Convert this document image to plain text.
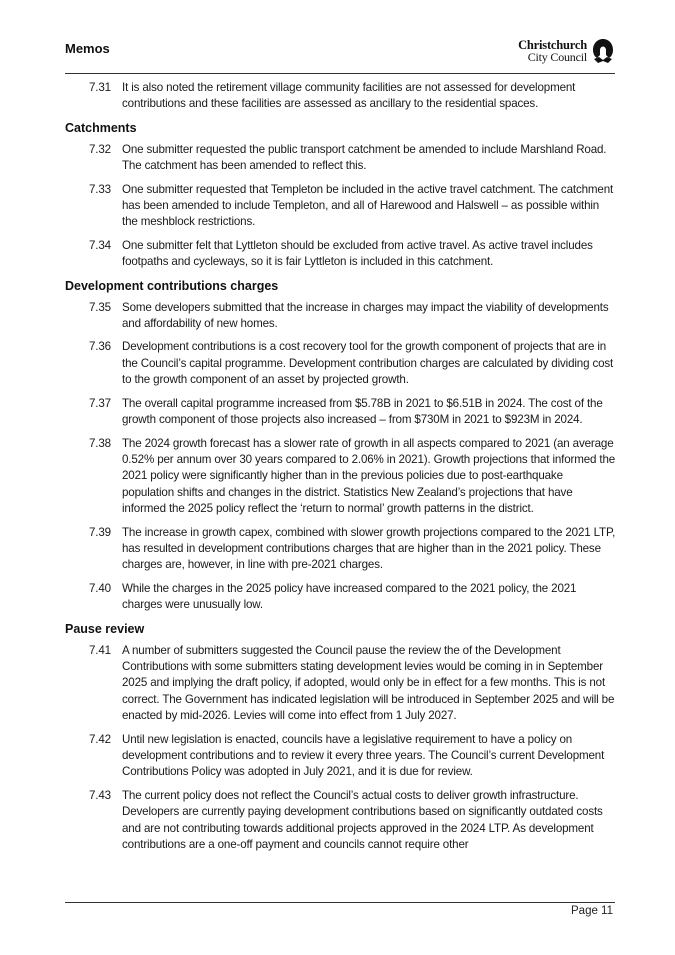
Memos	Christchurch
City Council
7.31 It is also noted the retirement village community facilities are not assessed for development contributions and these facilities are assessed as ancillary to the residential spaces.
Catchments
7.32 One submitter requested the public transport catchment be amended to include Marshland Road. The catchment has been amended to reflect this.
7.33 One submitter requested that Templeton be included in the active travel catchment. The catchment has been amended to include Templeton, and all of Harewood and Halswell – as possible within the meshblock restrictions.
7.34 One submitter felt that Lyttleton should be excluded from active travel. As active travel includes footpaths and cycleways, so it is fair Lyttleton is included in this catchment.
Development contributions charges
7.35 Some developers submitted that the increase in charges may impact the viability of developments and affordability of new homes.
7.36 Development contributions is a cost recovery tool for the growth component of projects that are in the Council’s capital programme. Development contribution charges are calculated by dividing cost to the growth component of an asset by projected growth.
7.37 The overall capital programme increased from $5.78B in 2021 to $6.51B in 2024. The cost of the growth component of those projects also increased – from $730M in 2021 to $923M in 2024.
7.38 The 2024 growth forecast has a slower rate of growth in all aspects compared to 2021 (an average 0.52% per annum over 30 years compared to 2.06% in 2021). Growth projections that informed the 2021 policy were significantly higher than in the previous policies due to post-earthquake population shifts and changes in the district. Statistics New Zealand’s projections that have informed the 2025 policy reflect the ‘return to normal’ growth patterns in the district.
7.39 The increase in growth capex, combined with slower growth projections compared to the 2021 LTP, has resulted in development contributions charges that are higher than in the 2021 policy. These charges are, however, in line with pre-2021 charges.
7.40 While the charges in the 2025 policy have increased compared to the 2021 policy, the 2021 charges were unusually low.
Pause review
7.41 A number of submitters suggested the Council pause the review the of the Development Contributions with some submitters stating development levies would be coming in in September 2025 and implying the draft policy, if adopted, would only be in effect for a few months. This is not correct. The Government has indicated legislation will be introduced in September 2025 and will be enacted by mid-2026. Levies will come into effect from 1 July 2027.
7.42 Until new legislation is enacted, councils have a legislative requirement to have a policy on development contributions and to review it every three years. The Council’s current Development Contributions Policy was adopted in July 2021, and it is due for review.
7.43 The current policy does not reflect the Council’s actual costs to deliver growth infrastructure. Developers are currently paying development contributions based on significantly outdated costs and are not contributing towards additional projects approved in the 2024 LTP. As development contributions are a one-off payment and councils cannot require other
Page 11
